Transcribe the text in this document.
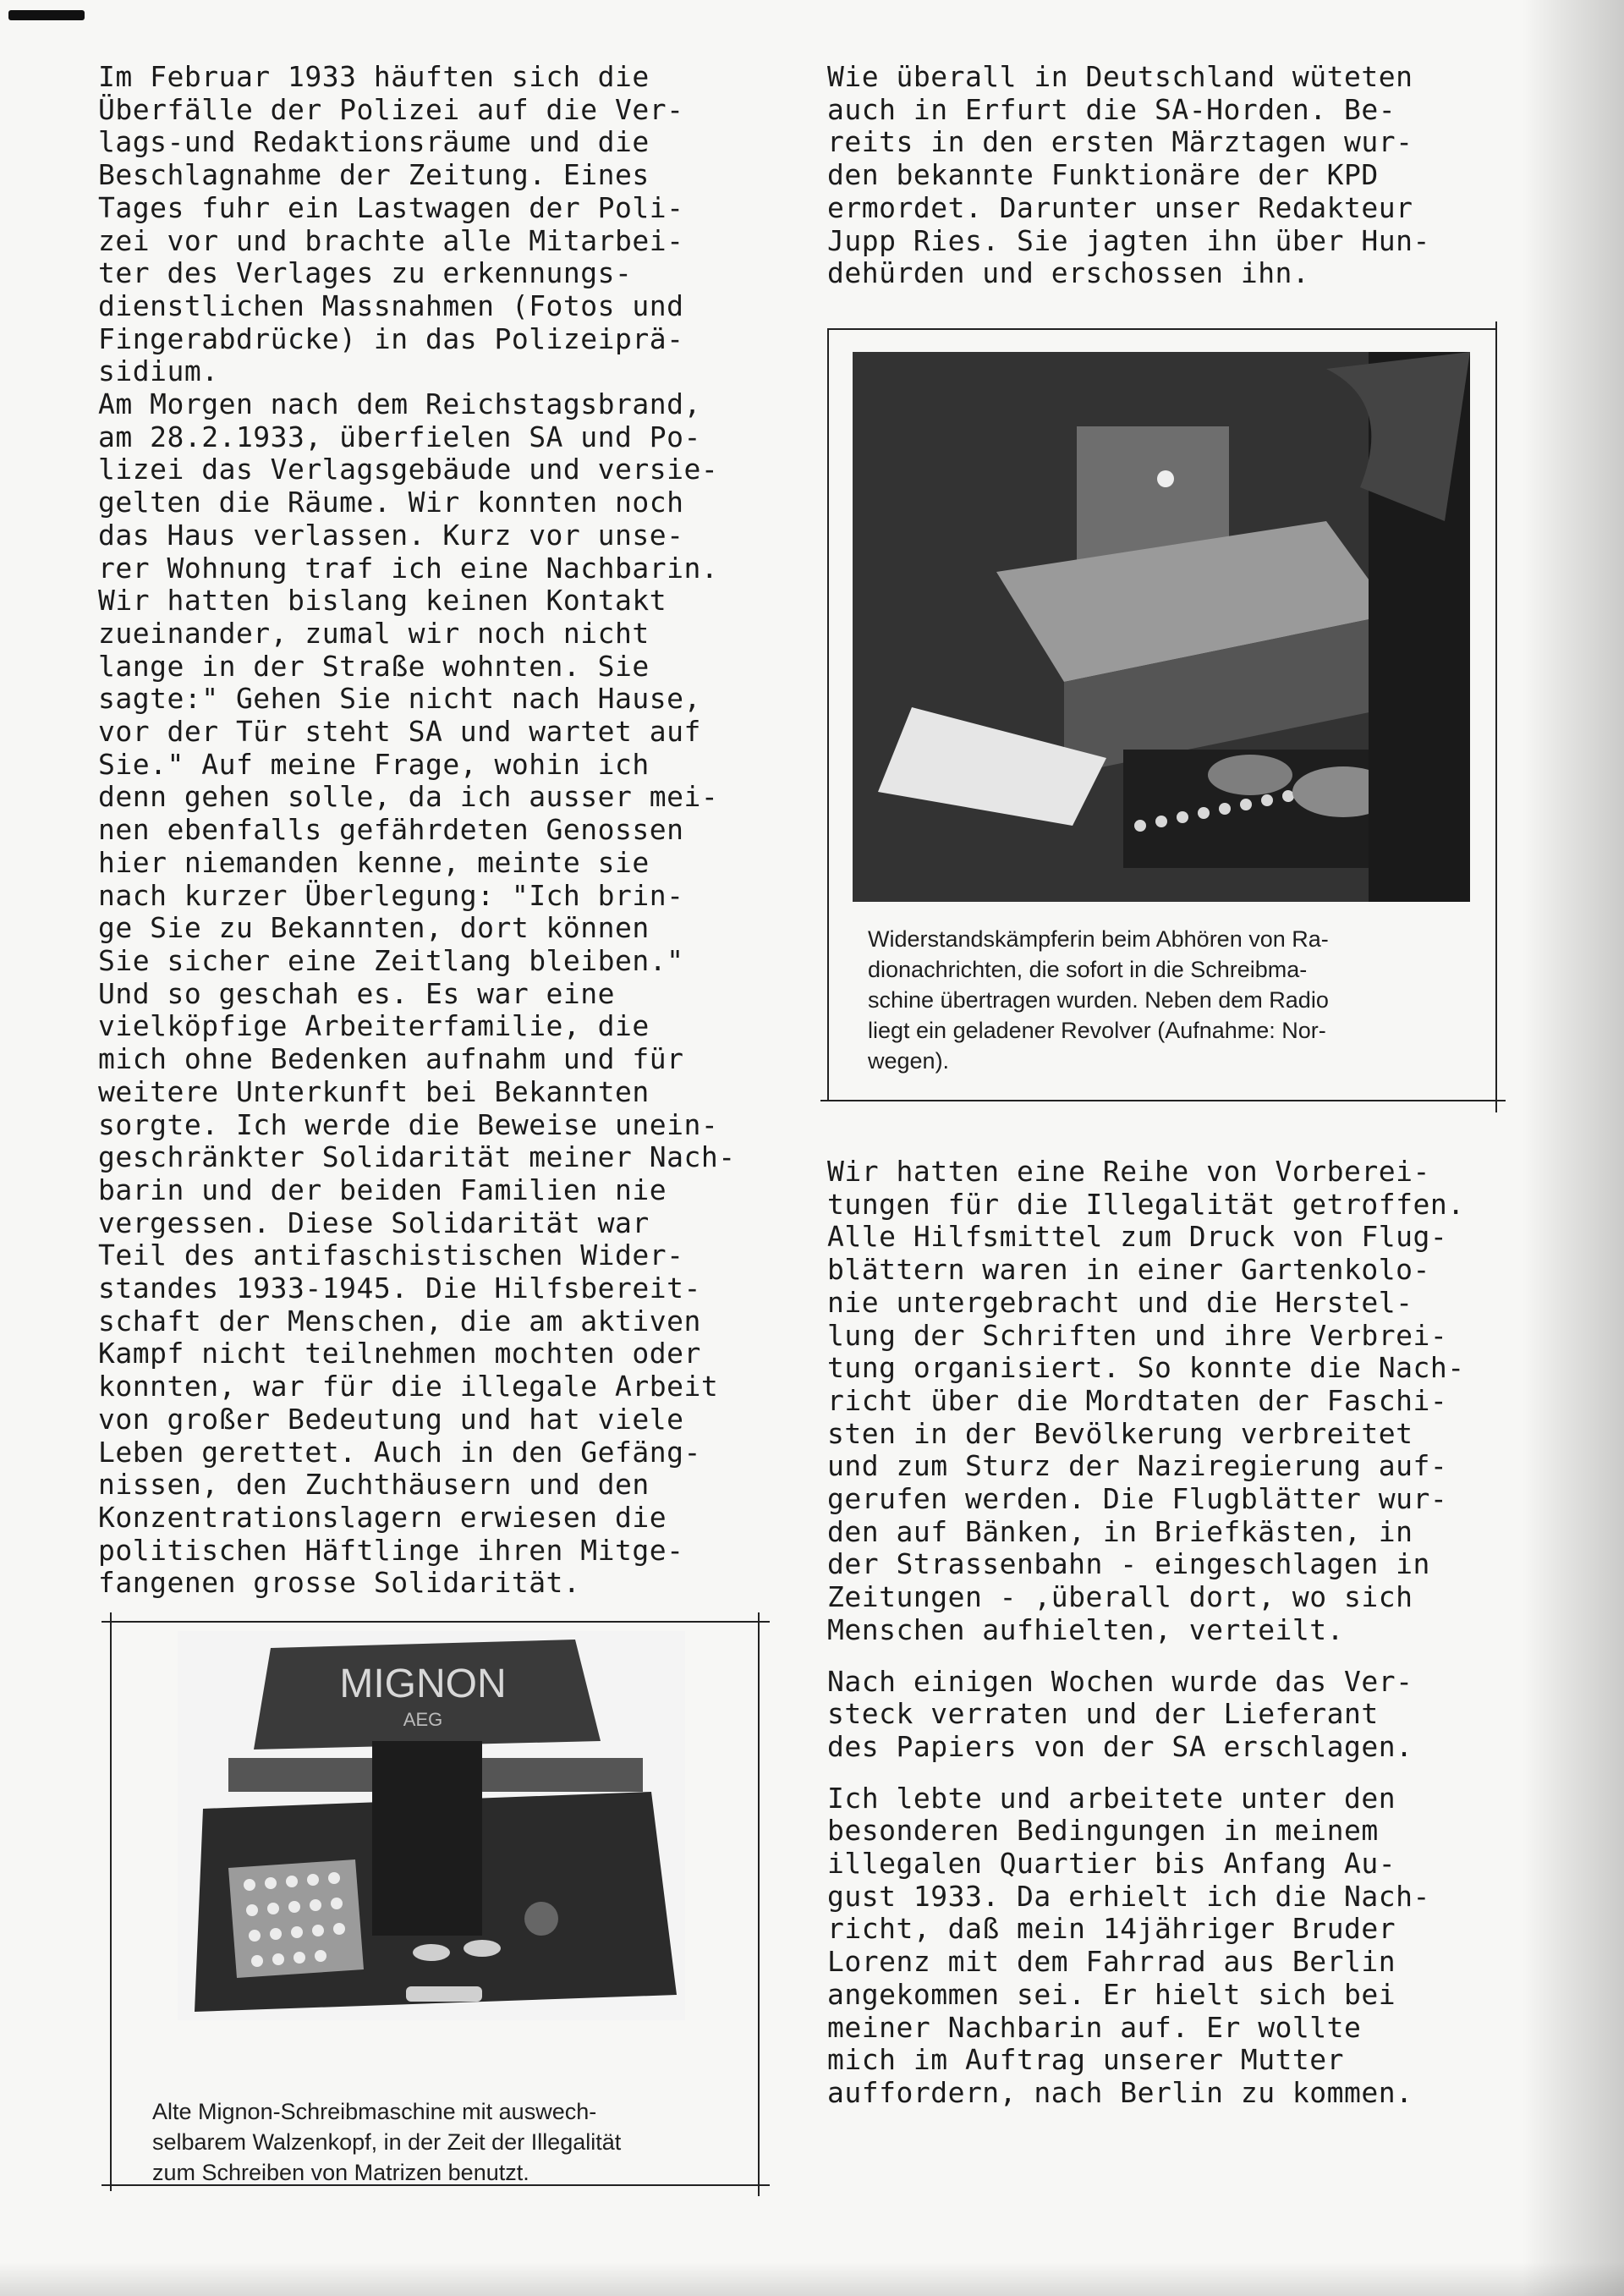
Im Februar 1933 häuften sich die
Überfälle der Polizei auf die Ver-
lags-und Redaktionsräume und die
Beschlagnahme der Zeitung. Eines
Tages fuhr ein Lastwagen der Poli-
zei vor und brachte alle Mitarbei-
ter des Verlages zu erkennungs-
dienstlichen Massnahmen (Fotos und
Fingerabdrücke) in das Polizeiprä-
sidium.
Am Morgen nach dem Reichstagsbrand,
am 28.2.1933, überfielen SA und Po-
lizei das Verlagsgebäude und versie-
gelten die Räume. Wir konnten noch
das Haus verlassen. Kurz vor unse-
rer Wohnung traf ich eine Nachbarin.
Wir hatten bislang keinen Kontakt
zueinander, zumal wir noch nicht
lange in der Straße wohnten. Sie
sagte:" Gehen Sie nicht nach Hause,
vor der Tür steht SA und wartet auf
Sie." Auf meine Frage, wohin ich
denn gehen solle, da ich ausser mei-
nen ebenfalls gefährdeten Genossen
hier niemanden kenne, meinte sie
nach kurzer Überlegung: "Ich brin-
ge Sie zu Bekannten, dort können
Sie sicher eine Zeitlang bleiben."
Und so geschah es. Es war eine
vielköpfige Arbeiterfamilie, die
mich ohne Bedenken aufnahm und für
weitere Unterkunft bei Bekannten
sorgte. Ich werde die Beweise unein-
geschränkter Solidarität meiner Nach-
barin und der beiden Familien nie
vergessen. Diese Solidarität war
Teil des antifaschistischen Wider-
standes 1933-1945. Die Hilfsbereit-
schaft der Menschen, die am aktiven
Kampf nicht teilnehmen mochten oder
konnten, war für die illegale Arbeit
von großer Bedeutung und hat viele
Leben gerettet. Auch in den Gefäng-
nissen, den Zuchthäusern und den
Konzentrationslagern erwiesen die
politischen Häftlinge ihren Mitge-
fangenen grosse Solidarität.

Wie überall in Deutschland wüteten
auch in Erfurt die SA-Horden. Be-
reits in den ersten Märztagen wur-
den bekannte Funktionäre der KPD
ermordet. Darunter unser Redakteur
Jupp Ries. Sie jagten ihn über Hun-
dehürden und erschossen ihn.

Widerstandskämpferin beim Abhören von Ra-
dionachrichten, die sofort in die Schreibma-
schine übertragen wurden. Neben dem Radio
liegt ein geladener Revolver (Aufnahme: Nor-
wegen).

Wir hatten eine Reihe von Vorberei-
tungen für die Illegalität getroffen.
Alle Hilfsmittel zum Druck von Flug-
blättern waren in einer Gartenkolo-
nie untergebracht und die Herstel-
lung der Schriften und ihre Verbrei-
tung organisiert. So konnte die Nach-
richt über die Mordtaten der Faschi-
sten in der Bevölkerung verbreitet
und zum Sturz der Naziregierung auf-
gerufen werden. Die Flugblätter wur-
den auf Bänken, in Briefkästen, in
der Strassenbahn - eingeschlagen in
Zeitungen - ,überall dort, wo sich
Menschen aufhielten, verteilt.

Nach einigen Wochen wurde das Ver-
steck verraten und der Lieferant
des Papiers von der SA erschlagen.

Ich lebte und arbeitete unter den
besonderen Bedingungen in meinem
illegalen Quartier bis Anfang Au-
gust 1933. Da erhielt ich die Nach-
richt, daß mein 14jähriger Bruder
Lorenz mit dem Fahrrad aus Berlin
angekommen sei. Er hielt sich bei
meiner Nachbarin auf. Er wollte
mich im Auftrag unserer Mutter
auffordern, nach Berlin zu kommen.

MIGNON
AEG
Alte Mignon-Schreibmaschine mit auswech-
selbarem Walzenkopf, in der Zeit der Illegalität
zum Schreiben von Matrizen benutzt.
